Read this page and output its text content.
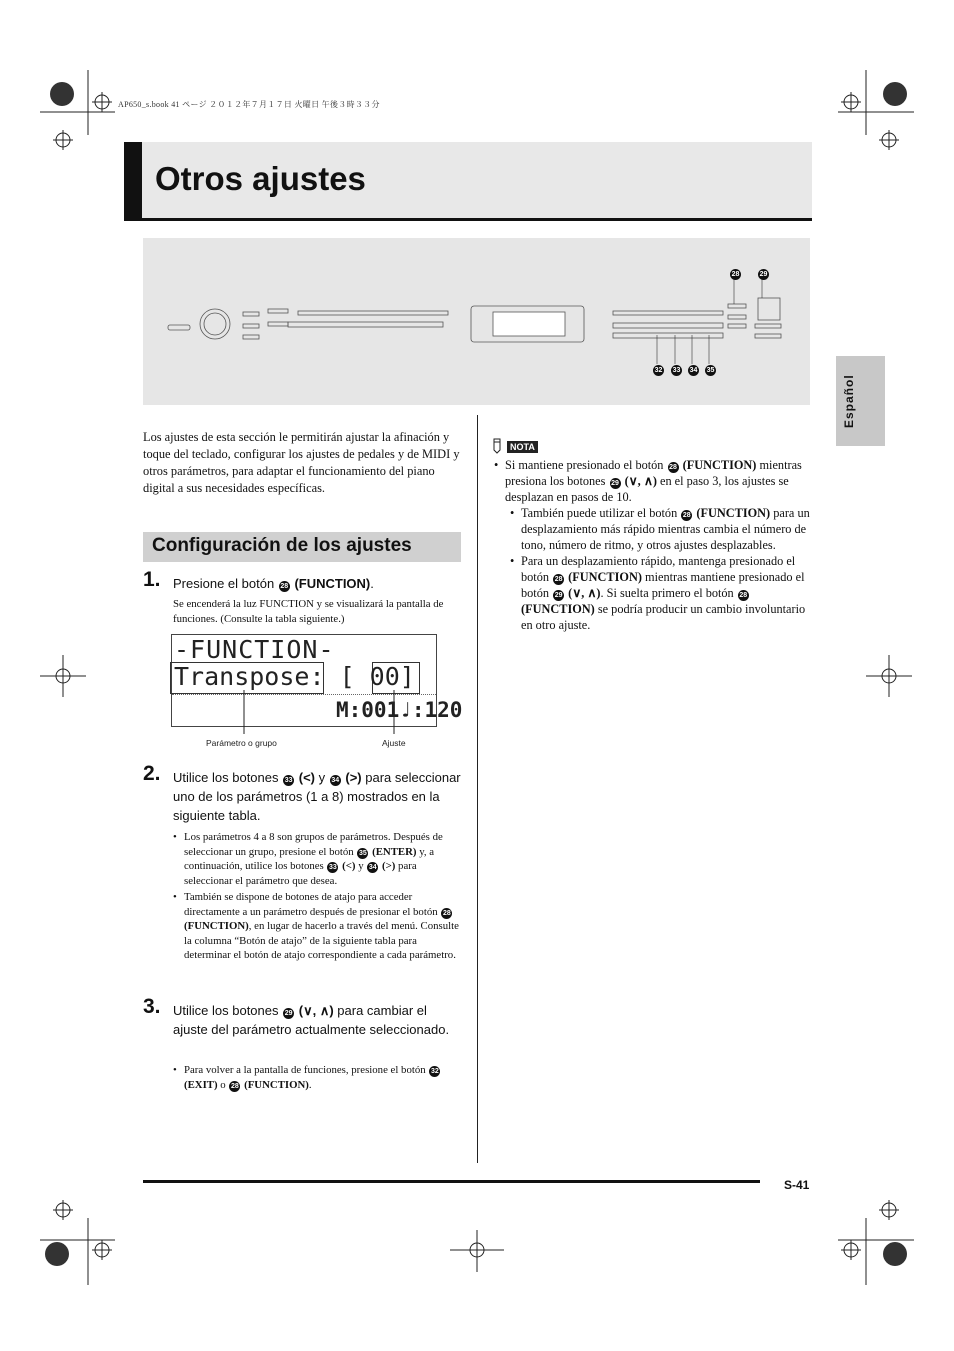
AP650_s.book 41 ページ ２０１２年７月１７日 火曜日 午後３時３３分
Otros ajustes
28	29
32 33 34 35
Español
Los ajustes de esta sección le permitirán ajustar la afinación y toque del teclado, configurar los ajustes de pedales y de MIDI y otros parámetros, para adaptar el funcionamiento del piano digital a sus necesidades específicas.
Configuración de los ajustes
1. Presione el botón 28 (FUNCTION).
Se encenderá la luz FUNCTION y se visualizará la pantalla de funciones. (Consulte la tabla siguiente.)
-FUNCTION-
Transpose: [ 00]
M:001♩:120
Parámetro o grupo	Ajuste
2. Utilice los botones 33 (<) y 34 (>) para seleccionar uno de los parámetros (1 a 8) mostrados en la siguiente tabla.
• Los parámetros 4 a 8 son grupos de parámetros. Después de seleccionar un grupo, presione el botón 35 (ENTER) y, a continuación, utilice los botones 33 (<) y 34 (>) para seleccionar el parámetro que desea.
• También se dispone de botones de atajo para acceder directamente a un parámetro después de presionar el botón 28 (FUNCTION), en lugar de hacerlo a través del menú. Consulte la columna “Botón de atajo” de la siguiente tabla para determinar el botón de atajo correspondiente a cada parámetro.
3. Utilice los botones 29 (∨, ∧) para cambiar el ajuste del parámetro actualmente seleccionado.
• Para volver a la pantalla de funciones, presione el botón 32 (EXIT) o 28 (FUNCTION).
NOTA
• Si mantiene presionado el botón 28 (FUNCTION) mientras presiona los botones 29 (∨, ∧) en el paso 3, los ajustes se desplazan en pasos de 10.
• También puede utilizar el botón 28 (FUNCTION) para un desplazamiento más rápido mientras cambia el número de tono, número de ritmo, y otros ajustes desplazables.
• Para un desplazamiento rápido, mantenga presionado el botón 28 (FUNCTION) mientras mantiene presionado el botón 29 (∨, ∧). Si suelta primero el botón 28 (FUNCTION) se podría producir un cambio involuntario en otro ajuste.
S-41
